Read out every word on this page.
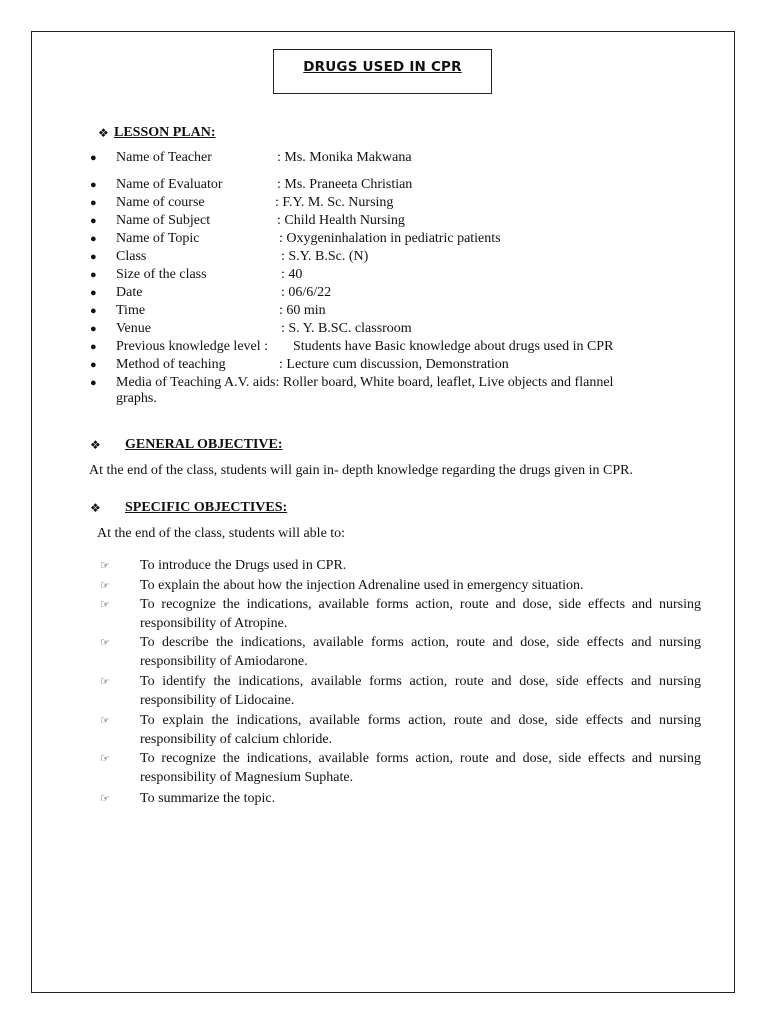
DRUGS USED IN CPR
❖ LESSON PLAN:
● Name of Teacher	: Ms. Monika Makwana
● Name of Evaluator	: Ms. Praneeta Christian
● Name of course	: F.Y. M. Sc. Nursing
● Name of Subject	: Child Health Nursing
● Name of Topic	: Oxygeninhalation in pediatric patients
● Class	: S.Y. B.Sc. (N)
● Size of the class	: 40
● Date	: 06/6/22
● Time	: 60 min
● Venue	: S. Y. B.SC. classroom
● Previous knowledge level : Students have Basic knowledge about drugs used in CPR
● Method of teaching	: Lecture cum discussion, Demonstration
● Media of Teaching A.V. aids: Roller board, White board, leaflet, Live objects and flannel
graphs.
❖	GENERAL OBJECTIVE:
At the end of the class, students will gain in- depth knowledge regarding the drugs given in CPR.
❖	SPECIFIC OBJECTIVES:
At the end of the class, students will able to:
☞ To introduce the Drugs used in CPR.
☞ To explain the about how the injection Adrenaline used in emergency situation.
☞ To recognize the indications, available forms action, route and dose, side effects and nursing responsibility of Atropine.
☞ To describe the indications, available forms action, route and dose, side effects and nursing responsibility of Amiodarone.
☞ To identify the indications, available forms action, route and dose, side effects and nursing responsibility of Lidocaine.
☞ To explain the indications, available forms action, route and dose, side effects and nursing responsibility of calcium chloride.
☞ To recognize the indications, available forms action, route and dose, side effects and nursing responsibility of Magnesium Suphate.
☞ To summarize the topic.
